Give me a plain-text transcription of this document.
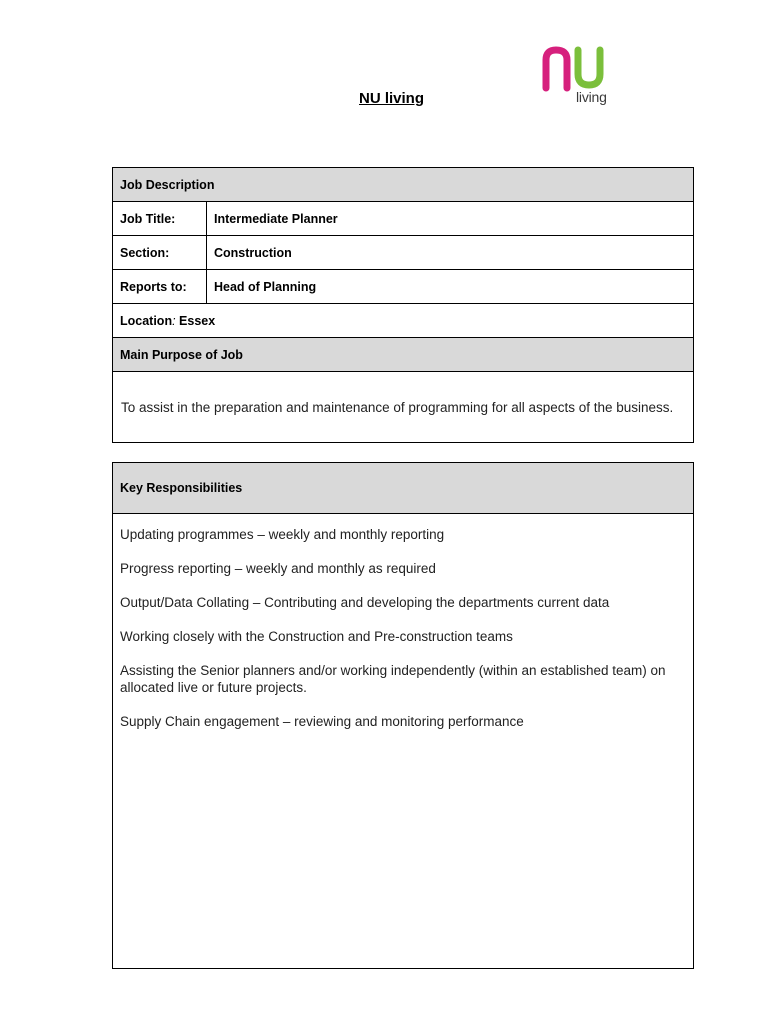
NU living	living
Job Description	
Job Title:	Intermediate Planner
Section:	Construction
Reports to:	Head of Planning
Location: Essex	
Main Purpose of Job	
To assist in the preparation and maintenance of programming for all aspects of the business.	
Key Responsibilities

Updating programmes – weekly and monthly reporting

Progress reporting – weekly and monthly as required

Output/Data Collating – Contributing and developing the departments current data

Working closely with the Construction and Pre-construction teams

Assisting the Senior planners and/or working independently (within an established team) on allocated live or future projects.

Supply Chain engagement – reviewing and monitoring performance
